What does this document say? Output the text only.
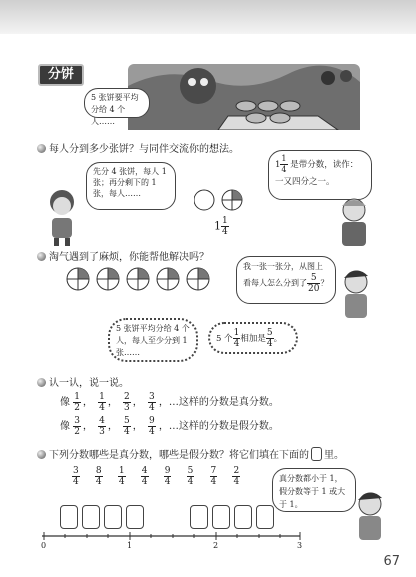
分饼
5 张饼要平均分给 4 个人……
每人分到多少张饼？与同伴交流你的想法。
先分 4 张饼，每人 1 张；再分剩下的 1 张，每人……
$1 \frac{1}{4}$
$1 \frac{1}{4}$ 是带分数，读作：一又四分之一。
淘气遇到了麻烦，你能帮他解决吗？
我一张一张分，从图上看每人怎么分到了 $\frac{5}{20}$ ？
5 张饼平均分给 4 个人，每人至少分到 1 张……
5 个 $\frac{1}{4}$ 相加是 $\frac{5}{4}$ 。
认一认，说一说。
像 $\frac{1}{2}$ ， $\frac{1}{4}$ ， $\frac{2}{3}$ ， $\frac{3}{4}$ ，…这样的分数是真分数。
像 $\frac{3}{2}$ ， $\frac{4}{3}$ ， $\frac{5}{4}$ ， $\frac{9}{4}$ ，…这样的分数是假分数。
下列分数哪些是真分数，哪些是假分数？将它们填在下面的 里。
$\frac{3}{4}$
$\frac{8}{4}$
$\frac{1}{4}$
$\frac{4}{4}$
$\frac{9}{4}$
$\frac{5}{4}$
$\frac{7}{4}$
$\frac{2}{4}$	真分数都小于 1，假分数等于 1 或大于 1。
0	1	2	3
67
